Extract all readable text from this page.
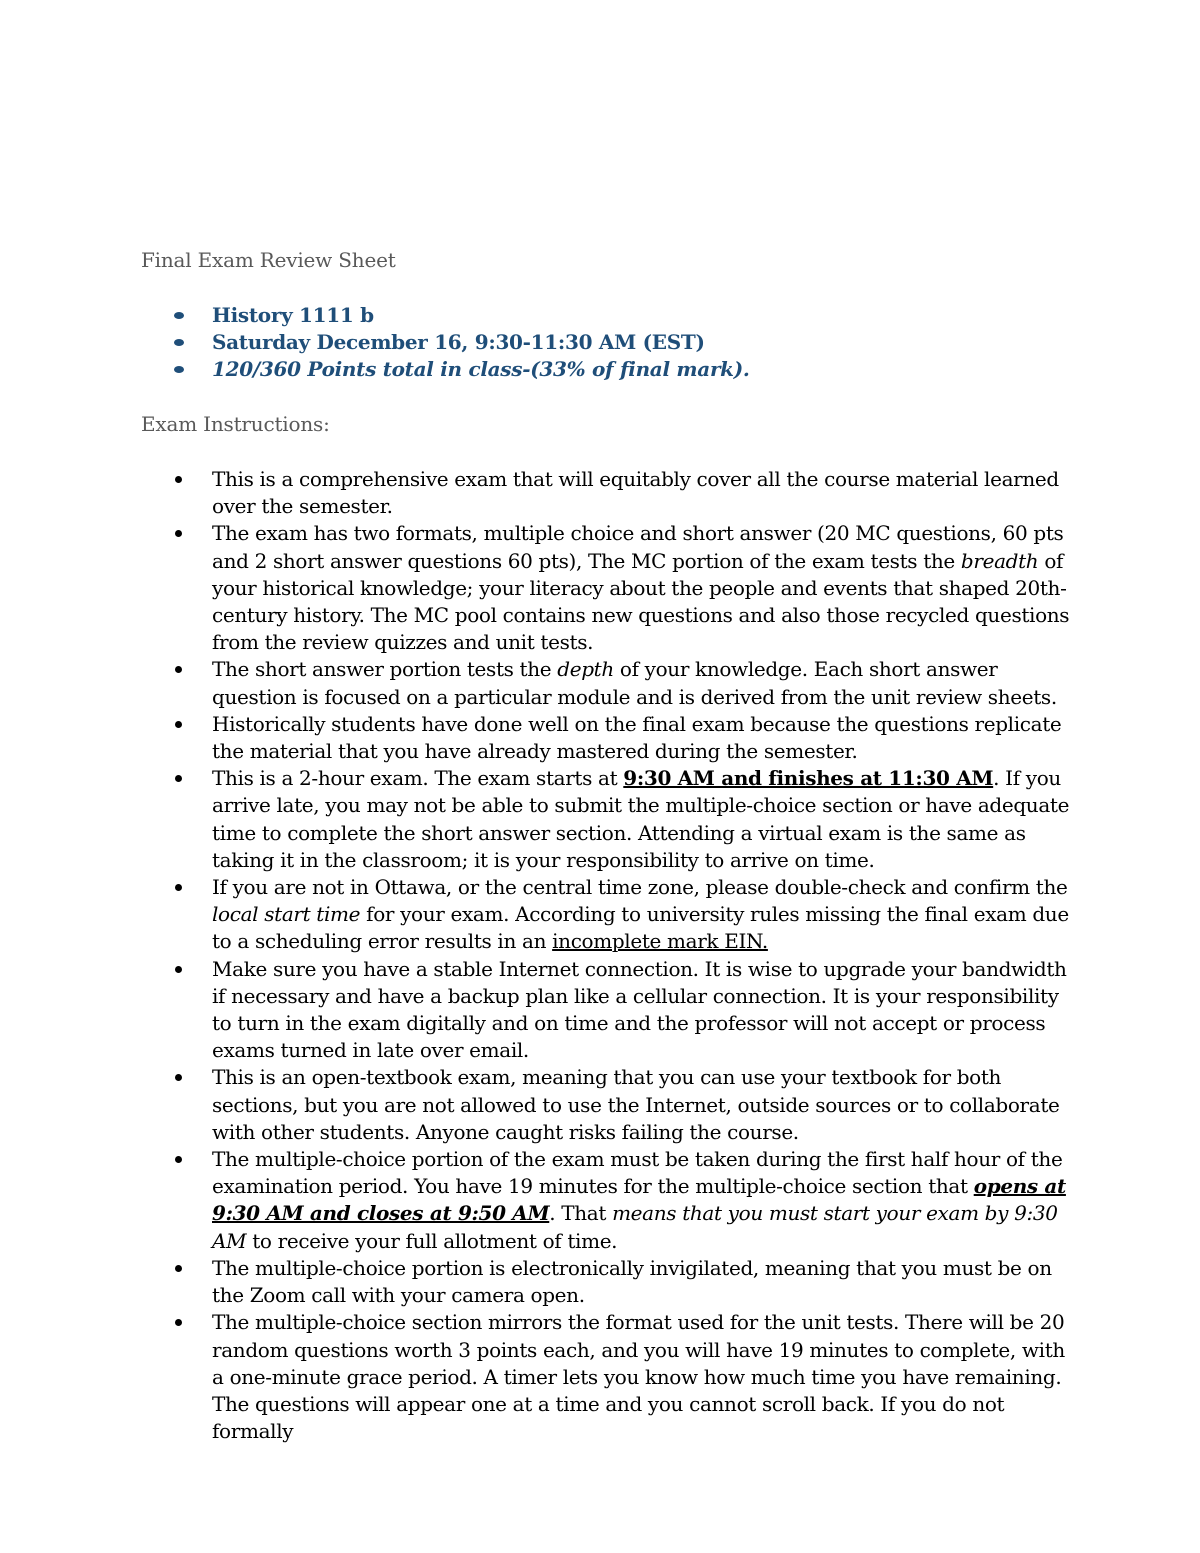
Final Exam Review Sheet

History 1111 b
Saturday December 16, 9:30-11:30 AM (EST)
120/360 Points total in class-(33% of final mark).

Exam Instructions:

This is a comprehensive exam that will equitably cover all the course material learned over the semester.
The exam has two formats, multiple choice and short answer (20 MC questions, 60 pts and 2 short answer questions 60 pts), The MC portion of the exam tests the breadth of your historical knowledge; your literacy about the people and events that shaped 20th-century history. The MC pool contains new questions and also those recycled questions from the review quizzes and unit tests.
The short answer portion tests the depth of your knowledge. Each short answer question is focused on a particular module and is derived from the unit review sheets.
Historically students have done well on the final exam because the questions replicate the material that you have already mastered during the semester.
This is a 2-hour exam. The exam starts at 9:30 AM and finishes at 11:30 AM. If you arrive late, you may not be able to submit the multiple-choice section or have adequate time to complete the short answer section. Attending a virtual exam is the same as taking it in the classroom; it is your responsibility to arrive on time.
If you are not in Ottawa, or the central time zone, please double-check and confirm the local start time for your exam. According to university rules missing the final exam due to a scheduling error results in an incomplete mark EIN.
Make sure you have a stable Internet connection. It is wise to upgrade your bandwidth if necessary and have a backup plan like a cellular connection. It is your responsibility to turn in the exam digitally and on time and the professor will not accept or process exams turned in late over email.
This is an open-textbook exam, meaning that you can use your textbook for both sections, but you are not allowed to use the Internet, outside sources or to collaborate with other students. Anyone caught risks failing the course.
The multiple-choice portion of the exam must be taken during the first half hour of the examination period. You have 19 minutes for the multiple-choice section that opens at 9:30 AM and closes at 9:50 AM. That means that you must start your exam by 9:30 AM to receive your full allotment of time.
The multiple-choice portion is electronically invigilated, meaning that you must be on the Zoom call with your camera open.
The multiple-choice section mirrors the format used for the unit tests. There will be 20 random questions worth 3 points each, and you will have 19 minutes to complete, with a one-minute grace period. A timer lets you know how much time you have remaining. The questions will appear one at a time and you cannot scroll back. If you do not formally
